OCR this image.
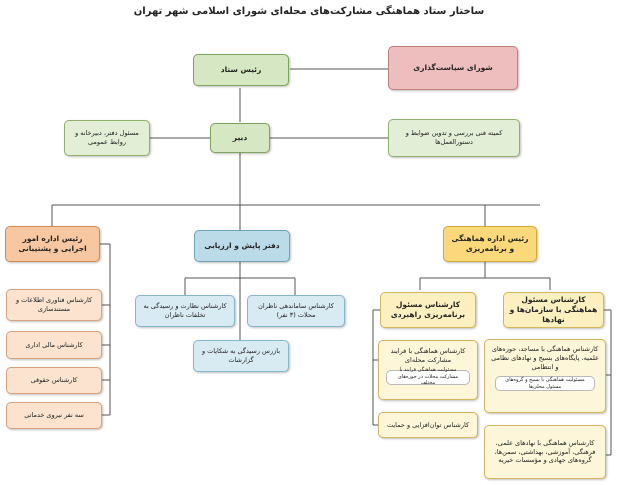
ساختار ستاد هماهنگی مشارکت‌های محله‌ای شورای اسلامی شهر تهران
رئیس ستاد	شورای سیاست‌گذاری
مسئول دفتر، دبیرخانه و روابط عمومی
دبیر	کمیته فنی بررسی و تدوین ضوابط و دستورالعمل‌ها
رئیس اداره امور اجرایی و پشتیبانی	دفتر پایش و ارزیابی
رئیس اداره هماهنگی و برنامه‌ریزی
کارشناس فناوری اطلاعات و مستندسازی
کارشناس مالی اداری
کارشناس حقوقی
سه نفر نیروی خدماتی
کارشناس نظارت و رسیدگی به تخلفات ناظران
کارشناس ساماندهی ناظران محلات (۳ نفر)
بازرس رسیدگی به شکایات و گزارشات
کارشناس مسئول برنامه‌ریزی راهبردی
کارشناس مسئول هماهنگی با سازمان‌ها و نهادها
کارشناس هماهنگی با فرایند مشارکت محله‌ای
مسئولیت هماهنگی فرایند با مشارکت محلات در حوزه‌های مختلف
کارشناس توان‌افزایی و حمایت
کارشناس هماهنگی با مساجد، حوزه‌های علمیه، پایگاه‌های بسیج و نهادهای نظامی و انتظامی
مسئولیت هماهنگی با بسیج و گروه‌های مسئول محلی‌ها
کارشناس هماهنگی با نهادهای علمی، فرهنگی، آموزشی، بهداشتی، سمن‌ها، گروه‌های جهادی و مؤسسات خیریه
